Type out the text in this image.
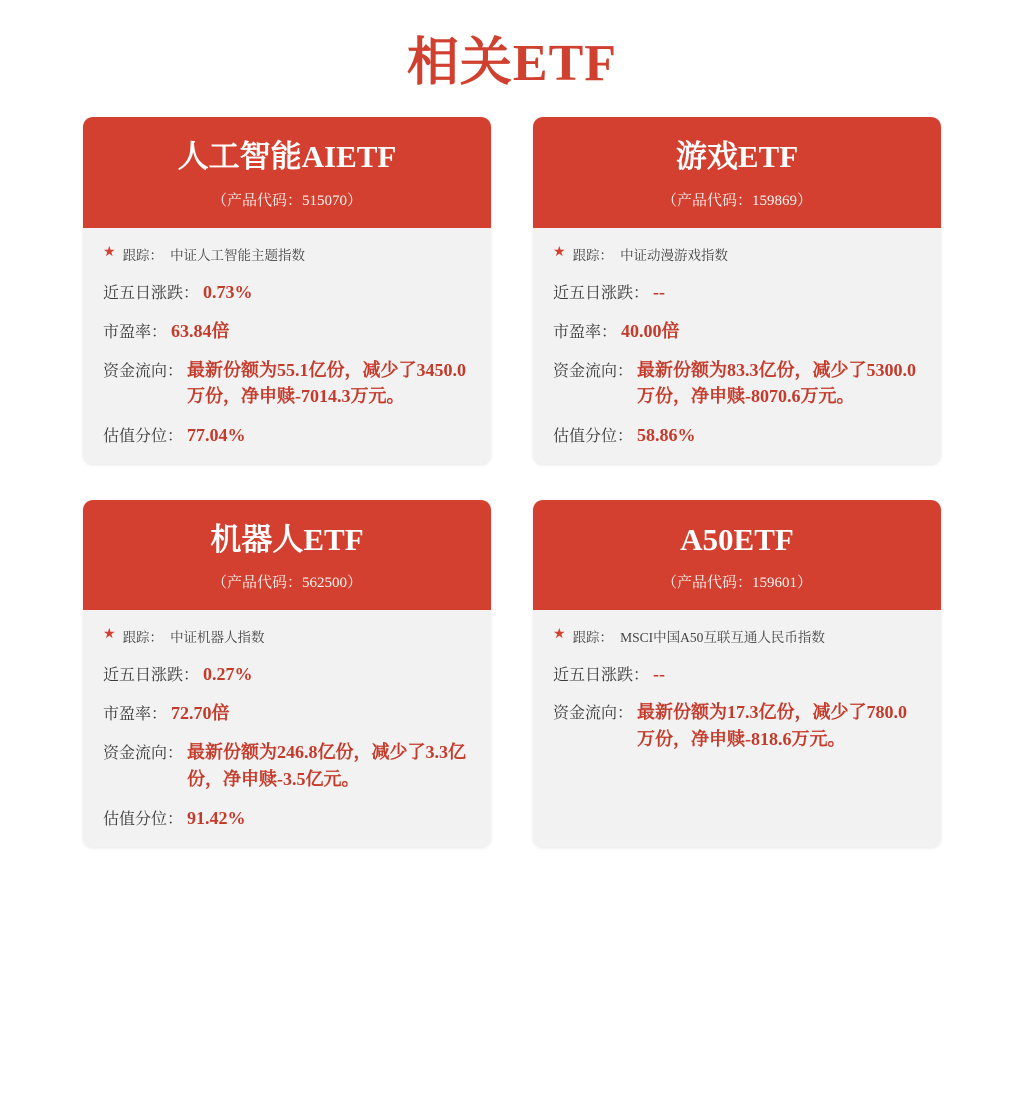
相关ETF
人工智能AIETF
（产品代码：515070）
★ 跟踪： 中证人工智能主题指数
近五日涨跌： 0.73%
市盈率： 63.84倍
资金流向： 最新份额为55.1亿份，减少了3450.0万份，净申赎-7014.3万元。
估值分位： 77.04%
游戏ETF
（产品代码：159869）
★ 跟踪： 中证动漫游戏指数
近五日涨跌： --
市盈率： 40.00倍
资金流向： 最新份额为83.3亿份，减少了5300.0万份，净申赎-8070.6万元。
估值分位： 58.86%
机器人ETF
（产品代码：562500）
★ 跟踪： 中证机器人指数
近五日涨跌： 0.27%
市盈率： 72.70倍
资金流向： 最新份额为246.8亿份，减少了3.3亿份，净申赎-3.5亿元。
估值分位： 91.42%
A50ETF
（产品代码：159601）
★ 跟踪： MSCI中国A50互联互通人民币指数
近五日涨跌： --
资金流向： 最新份额为17.3亿份，减少了780.0万份，净申赎-818.6万元。
